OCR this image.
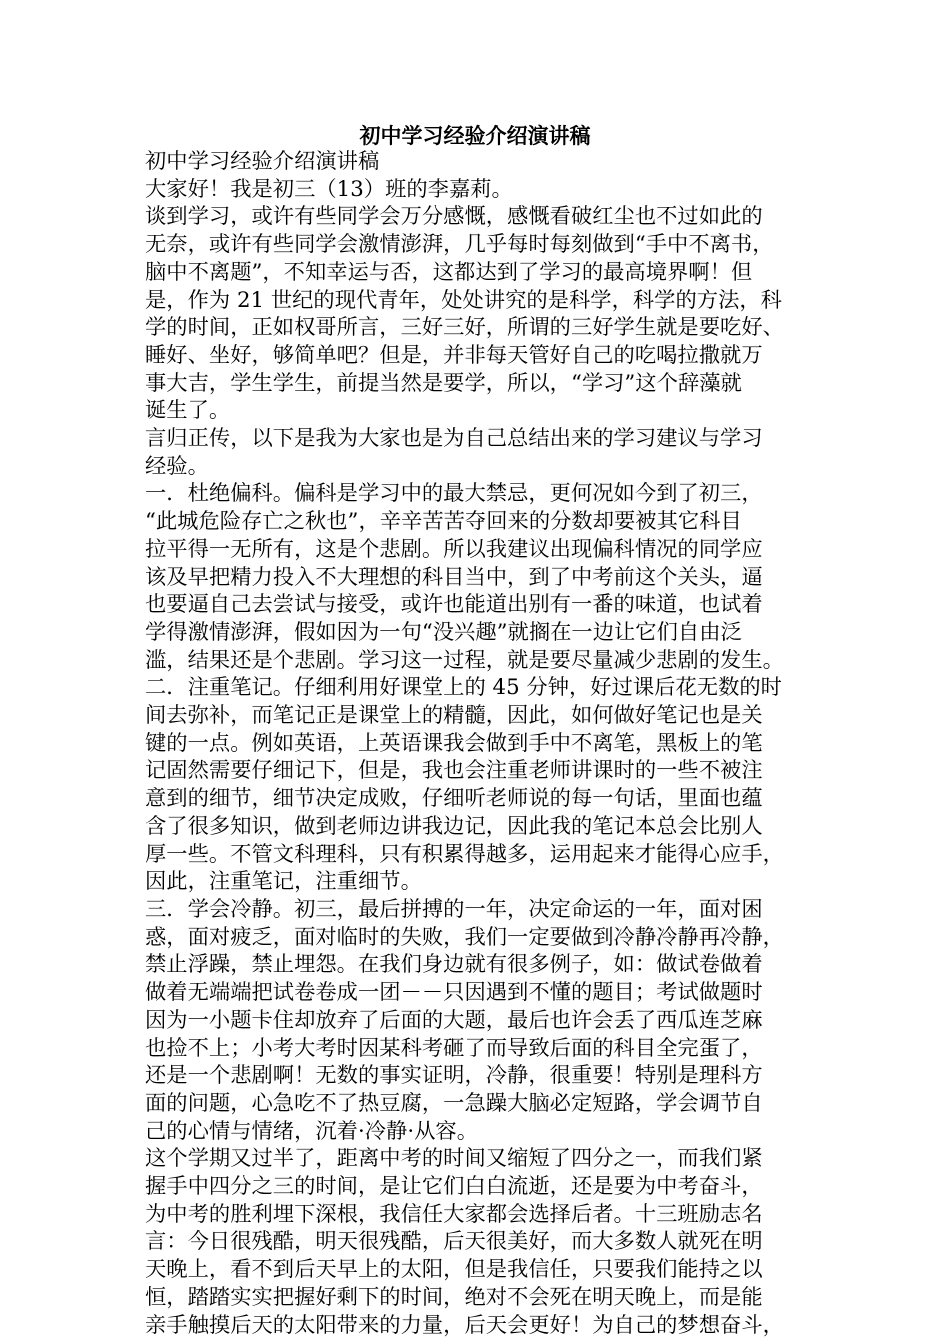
初中学习经验介绍演讲稿
初中学习经验介绍演讲稿
大家好！我是初三（13）班的李嘉莉。
谈到学习，或许有些同学会万分感慨，感慨看破红尘也不过如此的
无奈，或许有些同学会激情澎湃，几乎每时每刻做到“手中不离书，
脑中不离题”，不知幸运与否，这都达到了学习的最高境界啊！但
是，作为 21 世纪的现代青年，处处讲究的是科学，科学的方法，科
学的时间，正如权哥所言，三好三好，所谓的三好学生就是要吃好、
睡好、坐好，够简单吧？但是，并非每天管好自己的吃喝拉撒就万
事大吉，学生学生，前提当然是要学，所以，“学习”这个辞藻就
诞生了。
言归正传，以下是我为大家也是为自己总结出来的学习建议与学习
经验。
一．杜绝偏科。偏科是学习中的最大禁忌，更何况如今到了初三，
“此城危险存亡之秋也”，辛辛苦苦夺回来的分数却要被其它科目
拉平得一无所有，这是个悲剧。所以我建议出现偏科情况的同学应
该及早把精力投入不大理想的科目当中，到了中考前这个关头，逼
也要逼自己去尝试与接受，或许也能道出别有一番的味道，也试着
学得激情澎湃，假如因为一句“没兴趣”就搁在一边让它们自由泛
滥，结果还是个悲剧。学习这一过程，就是要尽量减少悲剧的发生。
二．注重笔记。仔细利用好课堂上的 45 分钟，好过课后花无数的时
间去弥补，而笔记正是课堂上的精髓，因此，如何做好笔记也是关
键的一点。例如英语，上英语课我会做到手中不离笔，黑板上的笔
记固然需要仔细记下，但是，我也会注重老师讲课时的一些不被注
意到的细节，细节决定成败，仔细听老师说的每一句话，里面也蕴
含了很多知识，做到老师边讲我边记，因此我的笔记本总会比别人
厚一些。不管文科理科，只有积累得越多，运用起来才能得心应手，
因此，注重笔记，注重细节。
三．学会冷静。初三，最后拼搏的一年，决定命运的一年，面对困
惑，面对疲乏，面对临时的失败，我们一定要做到冷静冷静再冷静，
禁止浮躁，禁止埋怨。在我们身边就有很多例子，如：做试卷做着
做着无端端把试卷卷成一团－－只因遇到不懂的题目；考试做题时
因为一小题卡住却放弃了后面的大题，最后也许会丢了西瓜连芝麻
也捡不上；小考大考时因某科考砸了而导致后面的科目全完蛋了，
还是一个悲剧啊！无数的事实证明，冷静，很重要！特别是理科方
面的问题，心急吃不了热豆腐，一急躁大脑必定短路，学会调节自
己的心情与情绪，沉着·冷静·从容。
这个学期又过半了，距离中考的时间又缩短了四分之一，而我们紧
握手中四分之三的时间，是让它们白白流逝，还是要为中考奋斗，
为中考的胜利埋下深根，我信任大家都会选择后者。十三班励志名
言：今日很残酷，明天很残酷，后天很美好，而大多数人就死在明
天晚上，看不到后天早上的太阳，但是我信任，只要我们能持之以
恒，踏踏实实把握好剩下的时间，绝对不会死在明天晚上，而是能
亲手触摸后天的太阳带来的力量，后天会更好！为自己的梦想奋斗，
